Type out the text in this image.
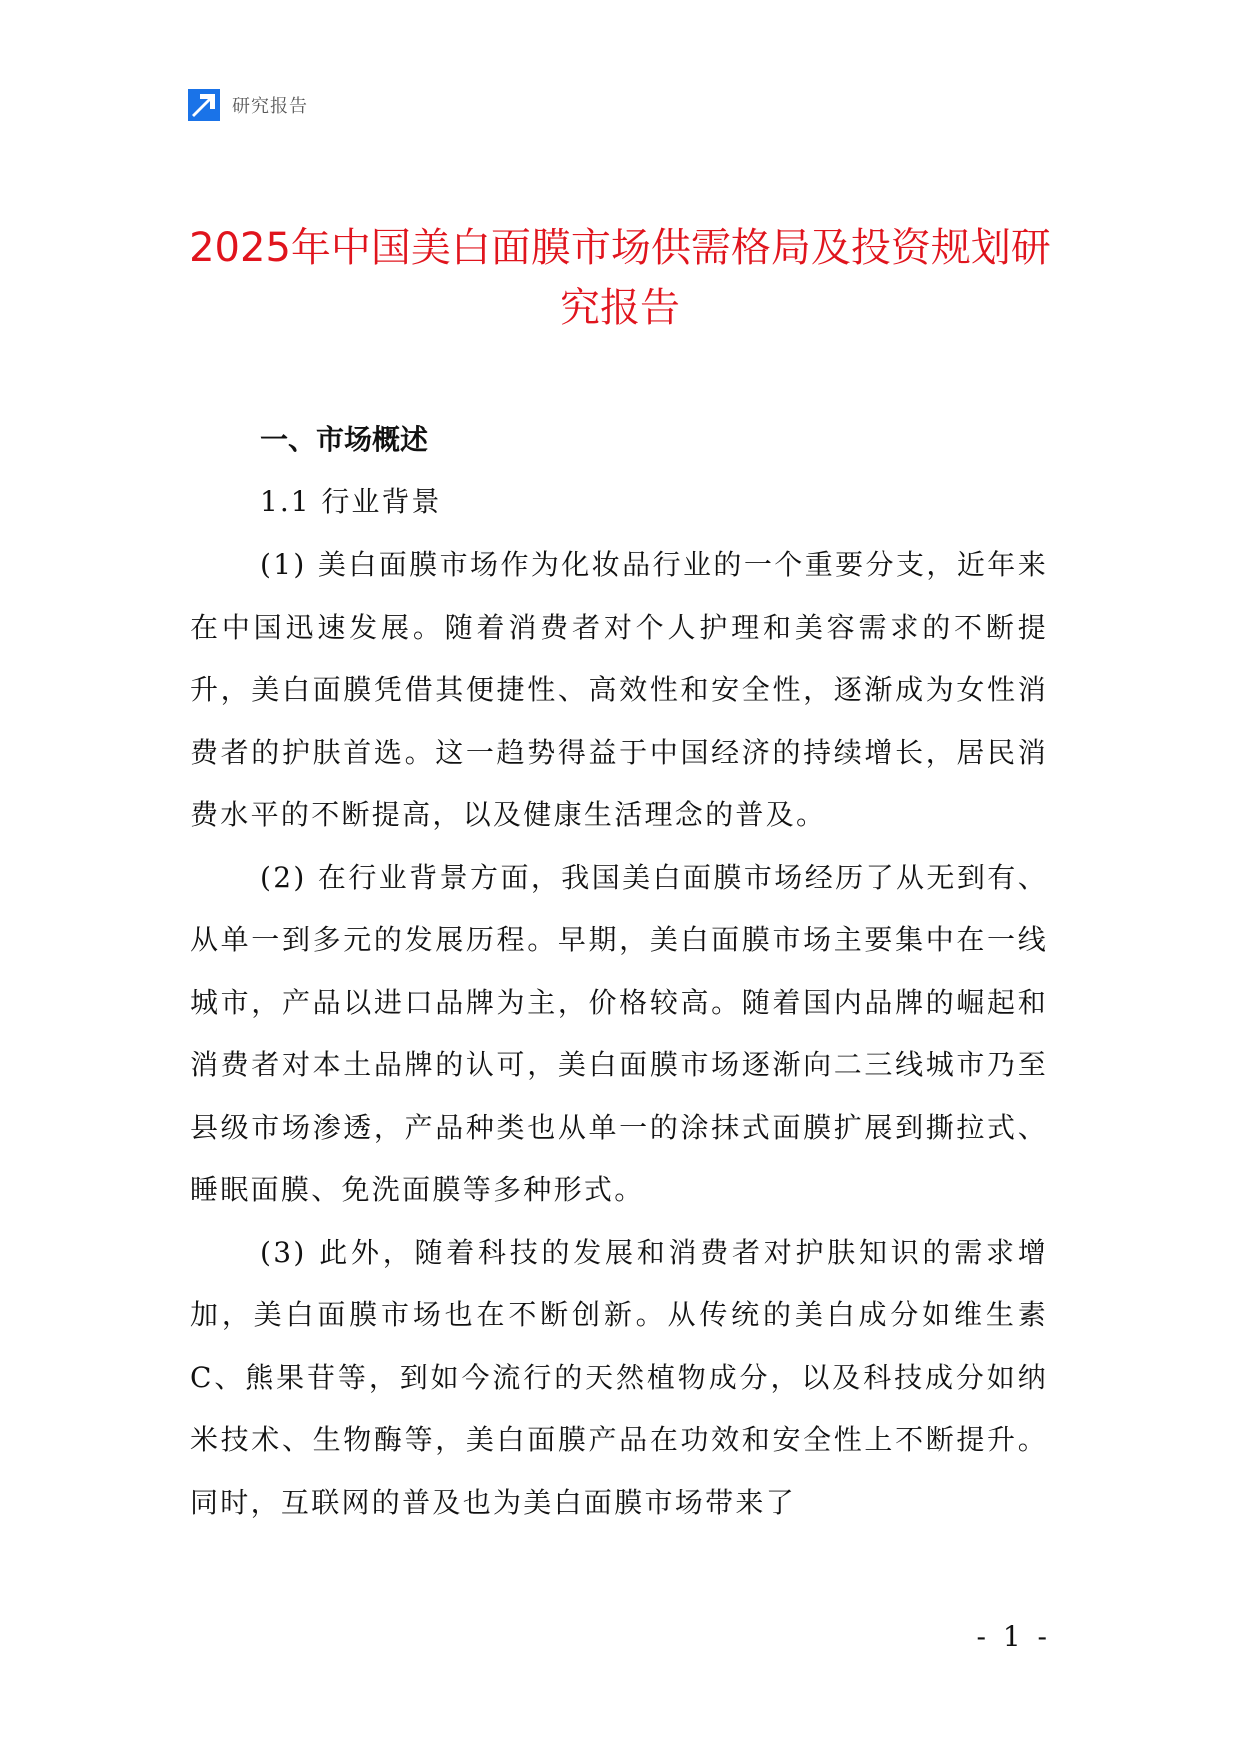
研究报告
2025年中国美白面膜市场供需格局及投资规划研究报告
一、市场概述
1.1 行业背景

(1) 美白面膜市场作为化妆品行业的一个重要分支，近年来在中国迅速发展。随着消费者对个人护理和美容需求的不断提升，美白面膜凭借其便捷性、高效性和安全性，逐渐成为女性消费者的护肤首选。这一趋势得益于中国经济的持续增长，居民消费水平的不断提高，以及健康生活理念的普及。

(2) 在行业背景方面，我国美白面膜市场经历了从无到有、从单一到多元的发展历程。早期，美白面膜市场主要集中在一线城市，产品以进口品牌为主，价格较高。随着国内品牌的崛起和消费者对本土品牌的认可，美白面膜市场逐渐向二三线城市乃至县级市场渗透，产品种类也从单一的涂抹式面膜扩展到撕拉式、睡眠面膜、免洗面膜等多种形式。

(3) 此外，随着科技的发展和消费者对护肤知识的需求增加，美白面膜市场也在不断创新。从传统的美白成分如维生素C、熊果苷等，到如今流行的天然植物成分，以及科技成分如纳米技术、生物酶等，美白面膜产品在功效和安全性上不断提升。同时，互联网的普及也为美白面膜市场带来了

- 1 -
